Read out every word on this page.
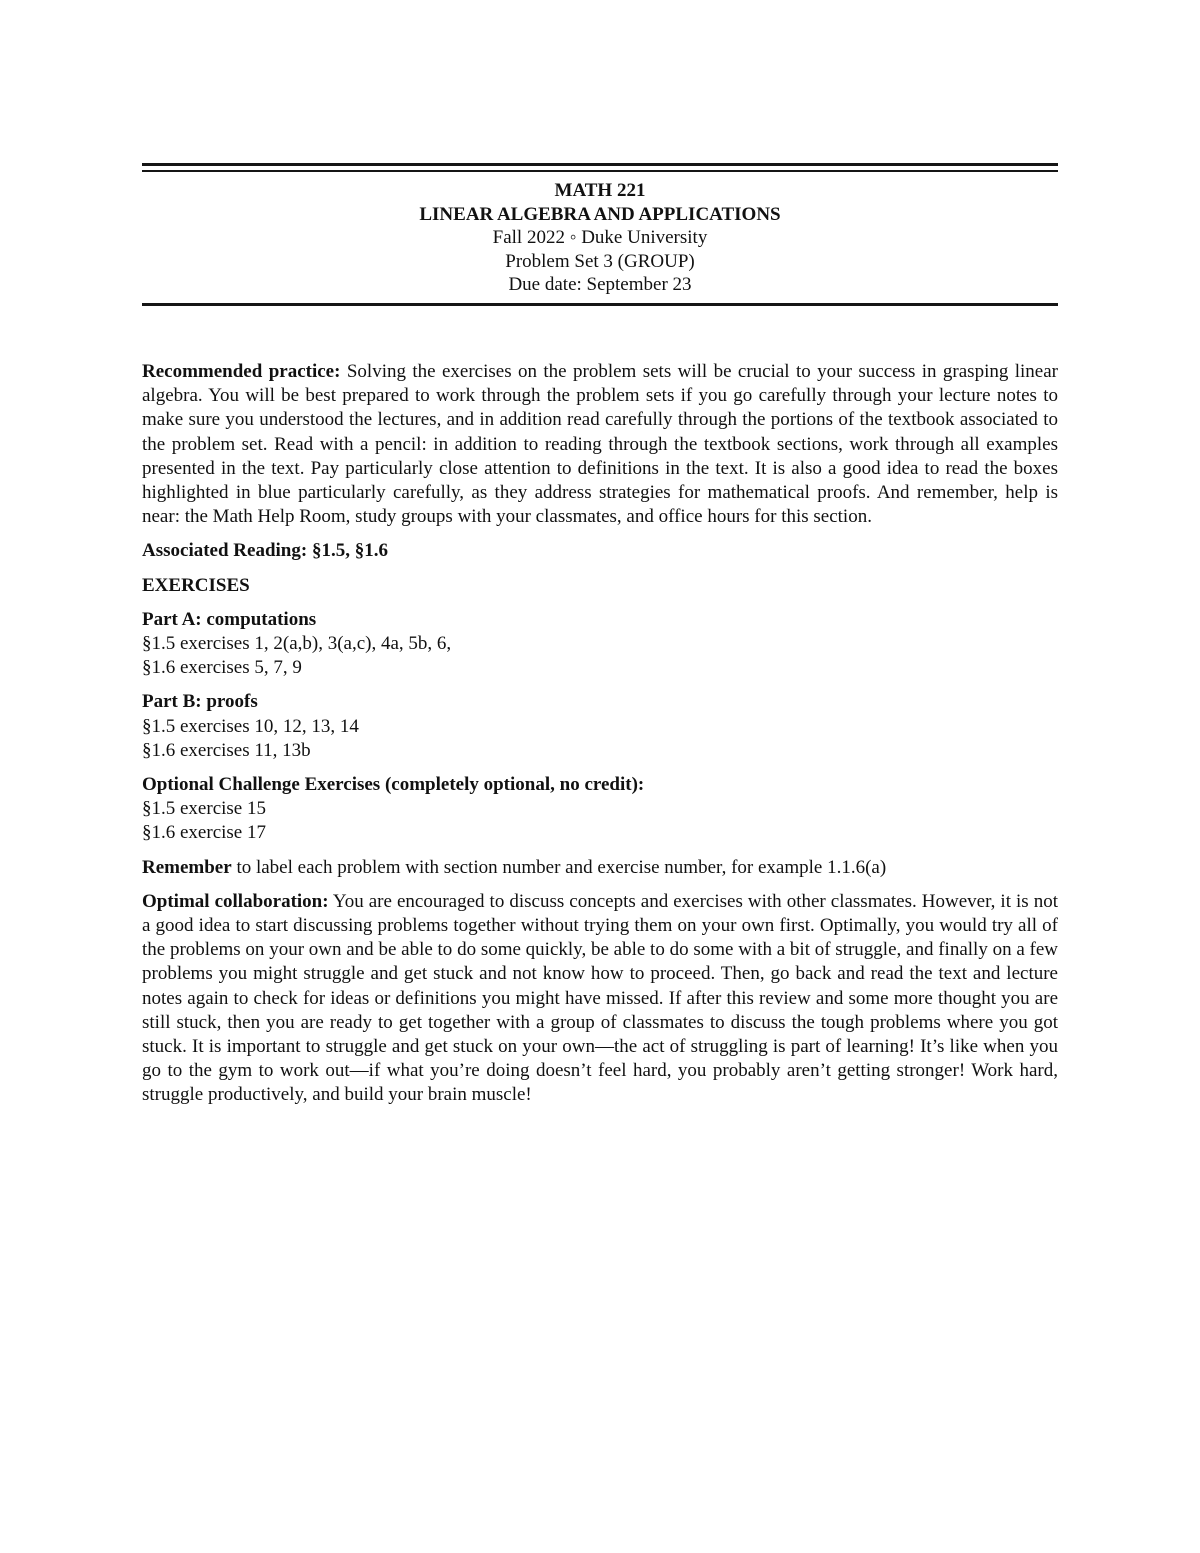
MATH 221
LINEAR ALGEBRA AND APPLICATIONS
Fall 2022 ◦ Duke University
Problem Set 3 (GROUP)
Due date: September 23

Recommended practice: Solving the exercises on the problem sets will be crucial to your success in grasping linear algebra. You will be best prepared to work through the problem sets if you go carefully through your lecture notes to make sure you understood the lectures, and in addition read carefully through the portions of the textbook associated to the problem set. Read with a pencil: in addition to reading through the textbook sections, work through all examples presented in the text. Pay particularly close attention to definitions in the text. It is also a good idea to read the boxes highlighted in blue particularly carefully, as they address strategies for mathematical proofs. And remember, help is near: the Math Help Room, study groups with your classmates, and office hours for this section.

Associated Reading: §1.5, §1.6

EXERCISES

Part A: computations
§1.5 exercises 1, 2(a,b), 3(a,c), 4a, 5b, 6,
§1.6 exercises 5, 7, 9
Part B: proofs
§1.5 exercises 10, 12, 13, 14
§1.6 exercises 11, 13b
Optional Challenge Exercises (completely optional, no credit):
§1.5 exercise 15
§1.6 exercise 17

Remember to label each problem with section number and exercise number, for example 1.1.6(a)

Optimal collaboration: You are encouraged to discuss concepts and exercises with other classmates. However, it is not a good idea to start discussing problems together without trying them on your own first. Optimally, you would try all of the problems on your own and be able to do some quickly, be able to do some with a bit of struggle, and finally on a few problems you might struggle and get stuck and not know how to proceed. Then, go back and read the text and lecture notes again to check for ideas or definitions you might have missed. If after this review and some more thought you are still stuck, then you are ready to get together with a group of classmates to discuss the tough problems where you got stuck. It is important to struggle and get stuck on your own—the act of struggling is part of learning! It’s like when you go to the gym to work out—if what you’re doing doesn’t feel hard, you probably aren’t getting stronger! Work hard, struggle productively, and build your brain muscle!
